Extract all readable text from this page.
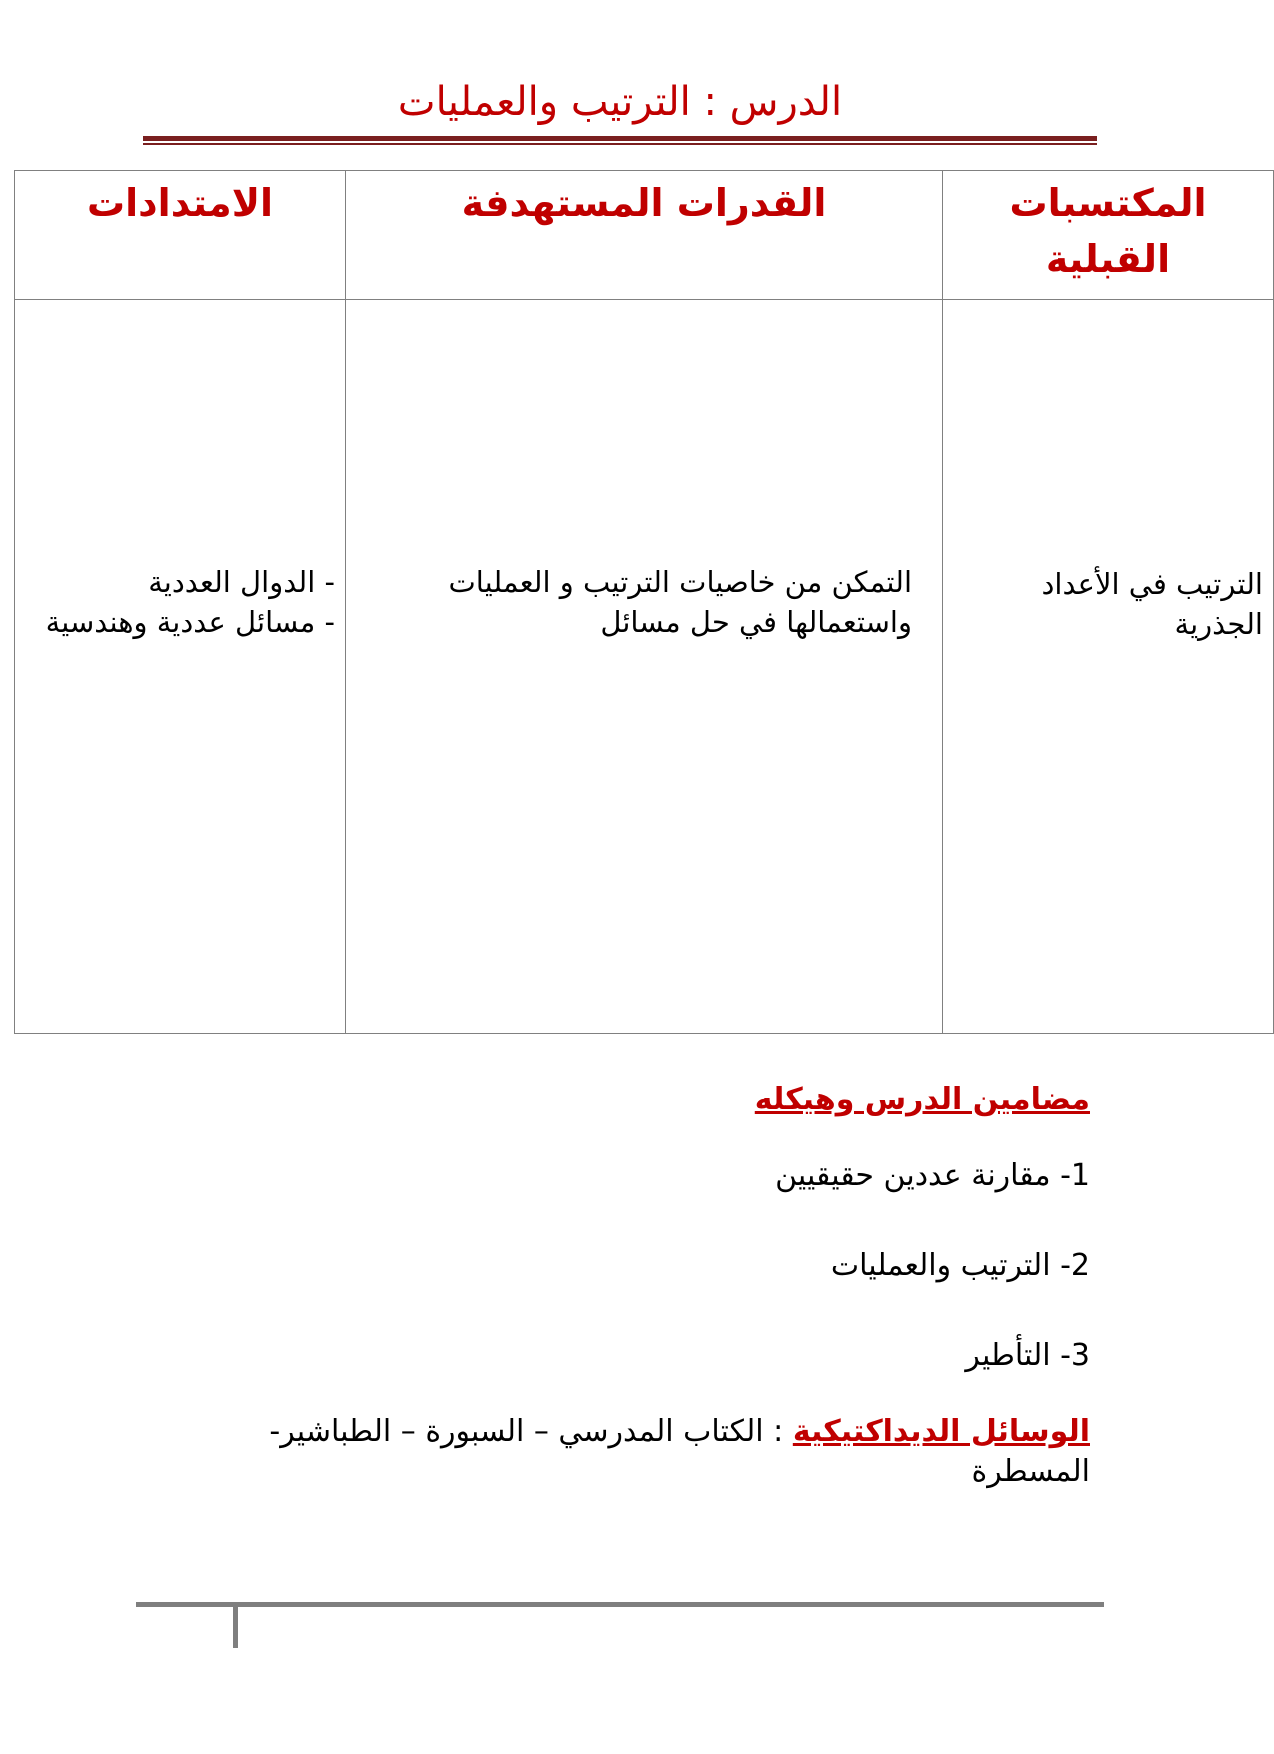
الدرس : الترتيب والعمليات
المكتسبات القبلية	القدرات المستهدفة	الامتدادات
الترتيب في الأعداد الجذرية	التمكن من خاصيات الترتيب و العمليات واستعمالها في حل مسائل	- الدوال العددية
- مسائل عددية وهندسية
مضامين الدرس وهيكله
1- مقارنة عددين حقيقيين
2- الترتيب والعمليات
3- التأطير
الوسائل الديداكتيكية : الكتاب المدرسي – السبورة – الطباشير- المسطرة
